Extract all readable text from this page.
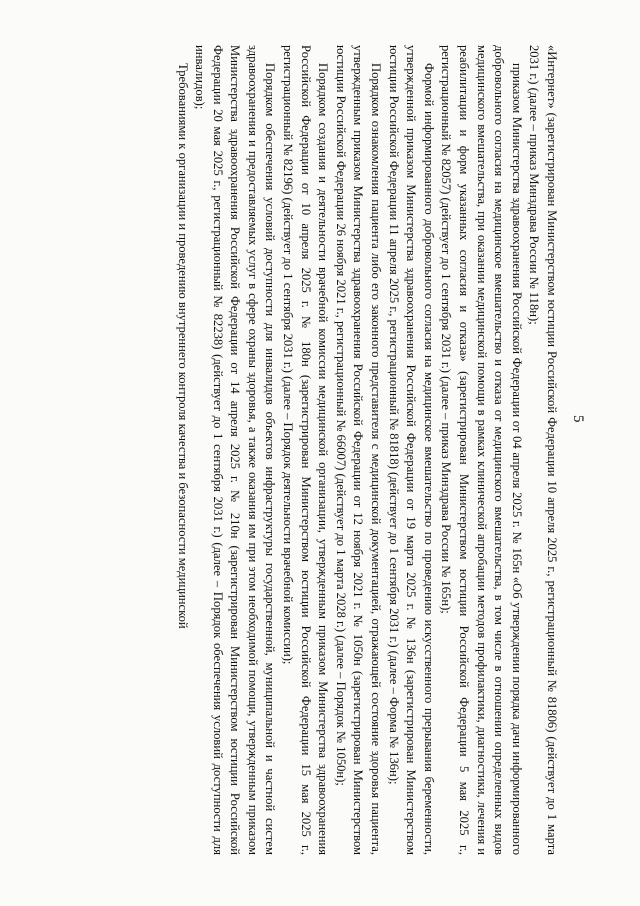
5

«Интернет» (зарегистрирован Министерством юстиции Российской Федерации 10 апреля 2025 г., регистрационный № 81806) (действует до 1 марта 2031 г.) (далее – приказ Минздрава России № 118н);

приказом Министерства здравоохранения Российской Федерации от 04 апреля 2025 г. № 165н «Об утверждении порядка дачи информированного добровольного согласия на медицинское вмешательство и отказа от медицинского вмешательства, в том числе в отношении определенных видов медицинского вмешательства, при оказании медицинской помощи в рамках клинической апробации методов профилактики, диагностики, лечения и реабилитации и форм указанных согласия и отказа» (зарегистрирован Министерством юстиции Российской Федерации 5 мая 2025 г., регистрационный № 82057) (действует до 1 сентября 2031 г.) (далее – приказ Минздрава России № 165н);

Формой информированного добровольного согласия на медицинское вмешательство по проведению искусственного прерывания беременности, утвержденной приказом Министерства здравоохранения Российской Федерации от 19 марта 2025 г. № 136н (зарегистрирован Министерством юстиции Российской Федерации 11 апреля 2025 г., регистрационный № 81818) (действует до 1 сентября 2031 г.) (далее – Форма № 136н);

Порядком ознакомления пациента либо его законного представителя с медицинской документацией, отражающей состояние здоровья пациента, утвержденным приказом Министерства здравоохранения Российской Федерации от 12 ноября 2021 г. № 1050н (зарегистрирован Министерством юстиции Российской Федерации 26 ноября 2021 г., регистрационный № 66007) (действует до 1 марта 2028 г.) (далее – Порядок № 1050н);

Порядком создания и деятельности врачебной комиссии медицинской организации, утвержденным приказом Министерства здравоохранения Российской Федерации от 10 апреля 2025 г. № 180н (зарегистрирован Министерством юстиции Российской Федерации 15 мая 2025 г., регистрационный № 82196) (действует до 1 сентября 2031 г.) (далее – Порядок деятельности врачебной комиссии);

Порядком обеспечения условий доступности для инвалидов объектов инфраструктуры государственной, муниципальной и частной систем здравоохранения и предоставляемых услуг в сфере охраны здоровья, а также оказания им при этом необходимой помощи, утвержденным приказом Министерства здравоохранения Российской Федерации от 14 апреля 2025 г. № 210н (зарегистрирован Министерством юстиции Российской Федерации 20 мая 2025 г., регистрационный № 82238) (действует до 1 сентября 2031 г.) (далее – Порядок обеспечения условий доступности для инвалидов);

Требованиями к организации и проведению внутреннего контроля качества и безопасности медицинской
